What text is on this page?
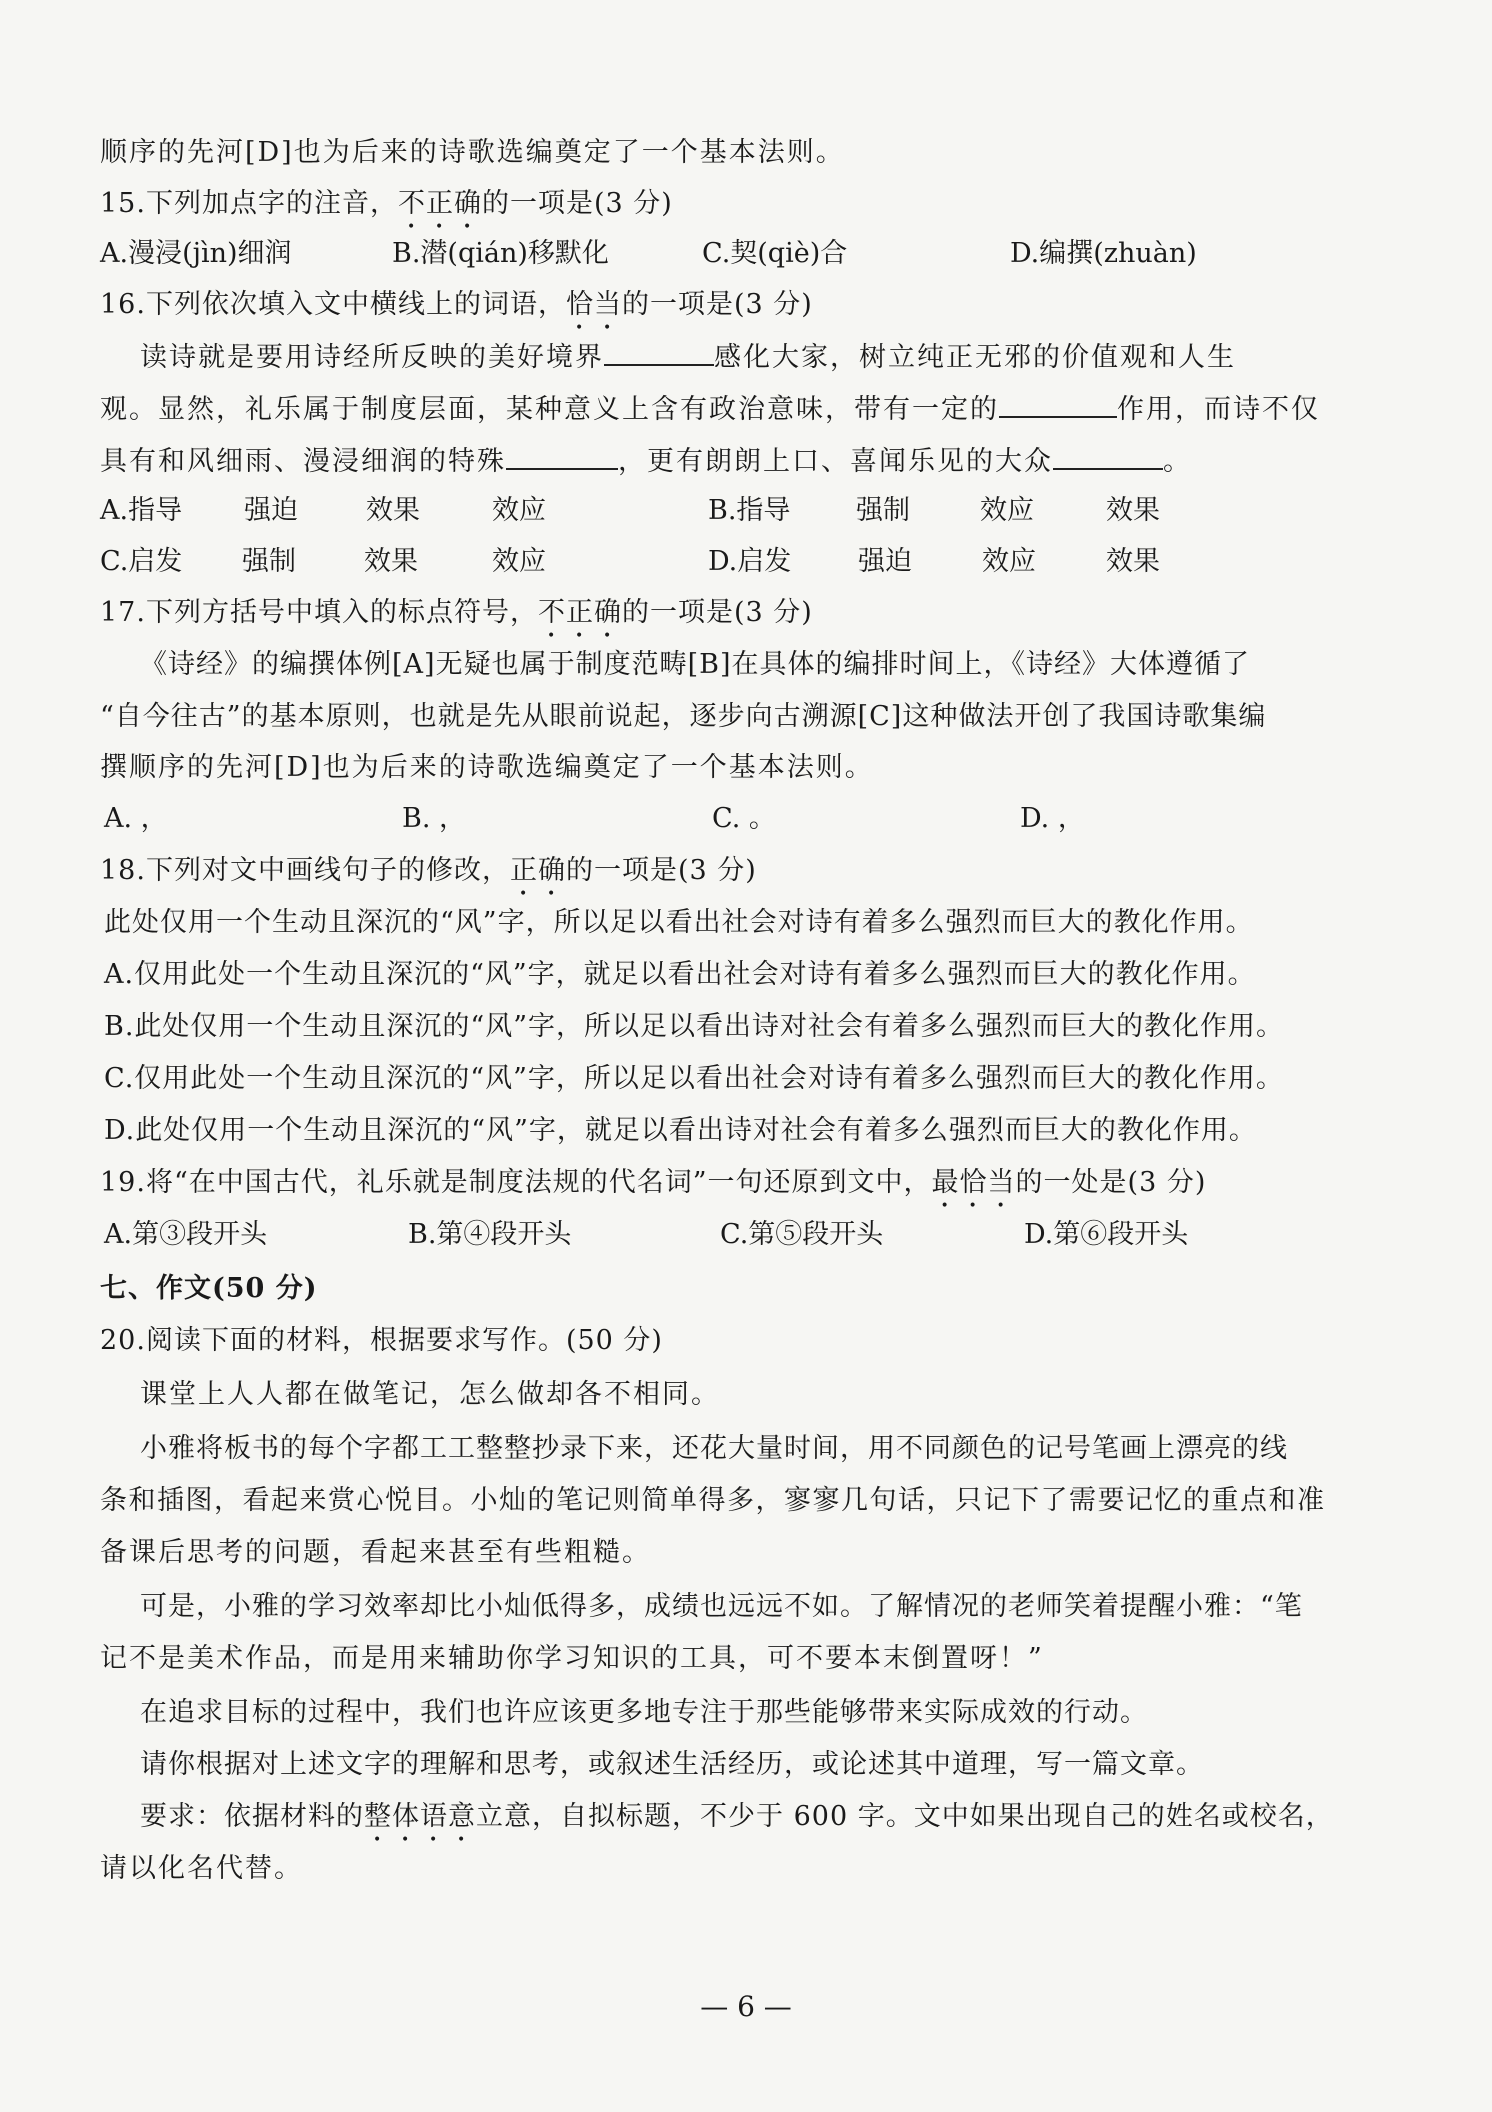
顺序的先河[D]也为后来的诗歌选编奠定了一个基本法则。
15.下列加点字的注音，不正确的一项是(3 分)
A.漫浸(jìn)细润	B.潜(qián)移默化	C.契(qiè)合	D.编撰(zhuàn)
16.下列依次填入文中横线上的词语，恰当的一项是(3 分)
读诗就是要用诗经所反映的美好境界	感化大家，树立纯正无邪的价值观和人生
观。显然，礼乐属于制度层面，某种意义上含有政治意味，带有一定的	作用，而诗不仅
具有和风细雨、漫浸细润的特殊	，更有朗朗上口、喜闻乐见的大众	。
A.指导 强迫	效果	效应	B.指导 强制	效应	效果
C.启发 强制	效果	效应	D.启发 强迫	效应	效果
17.下列方括号中填入的标点符号，不正确的一项是(3 分)
《诗经》的编撰体例[A]无疑也属于制度范畴[B]在具体的编排时间上，《诗经》大体遵循了
“自今往古”的基本原则，也就是先从眼前说起，逐步向古溯源[C]这种做法开创了我国诗歌集编
撰顺序的先河[D]也为后来的诗歌选编奠定了一个基本法则。
A. ，	B. ，	C. 。	D. ，
18.下列对文中画线句子的修改，正确的一项是(3 分)
此处仅用一个生动且深沉的“风”字，所以足以看出社会对诗有着多么强烈而巨大的教化作用。
A.仅用此处一个生动且深沉的“风”字，就足以看出社会对诗有着多么强烈而巨大的教化作用。
B.此处仅用一个生动且深沉的“风”字，所以足以看出诗对社会有着多么强烈而巨大的教化作用。
C.仅用此处一个生动且深沉的“风”字，所以足以看出社会对诗有着多么强烈而巨大的教化作用。
D.此处仅用一个生动且深沉的“风”字，就足以看出诗对社会有着多么强烈而巨大的教化作用。
19.将“在中国古代，礼乐就是制度法规的代名词”一句还原到文中，最恰当的一处是(3 分)
A.第③段开头	B.第④段开头	C.第⑤段开头	D.第⑥段开头
七、作文(50 分)
20.阅读下面的材料，根据要求写作。(50 分)
课堂上人人都在做笔记，怎么做却各不相同。
小雅将板书的每个字都工工整整抄录下来，还花大量时间，用不同颜色的记号笔画上漂亮的线
条和插图，看起来赏心悦目。小灿的笔记则简单得多，寥寥几句话，只记下了需要记忆的重点和准
备课后思考的问题，看起来甚至有些粗糙。
可是，小雅的学习效率却比小灿低得多，成绩也远远不如。了解情况的老师笑着提醒小雅：“笔
记不是美术作品，而是用来辅助你学习知识的工具，可不要本末倒置呀！”
在追求目标的过程中，我们也许应该更多地专注于那些能够带来实际成效的行动。
请你根据对上述文字的理解和思考，或叙述生活经历，或论述其中道理，写一篇文章。
要求：依据材料的整体语意立意，自拟标题，不少于 600 字。文中如果出现自己的姓名或校名，
请以化名代替。
— 6 —
